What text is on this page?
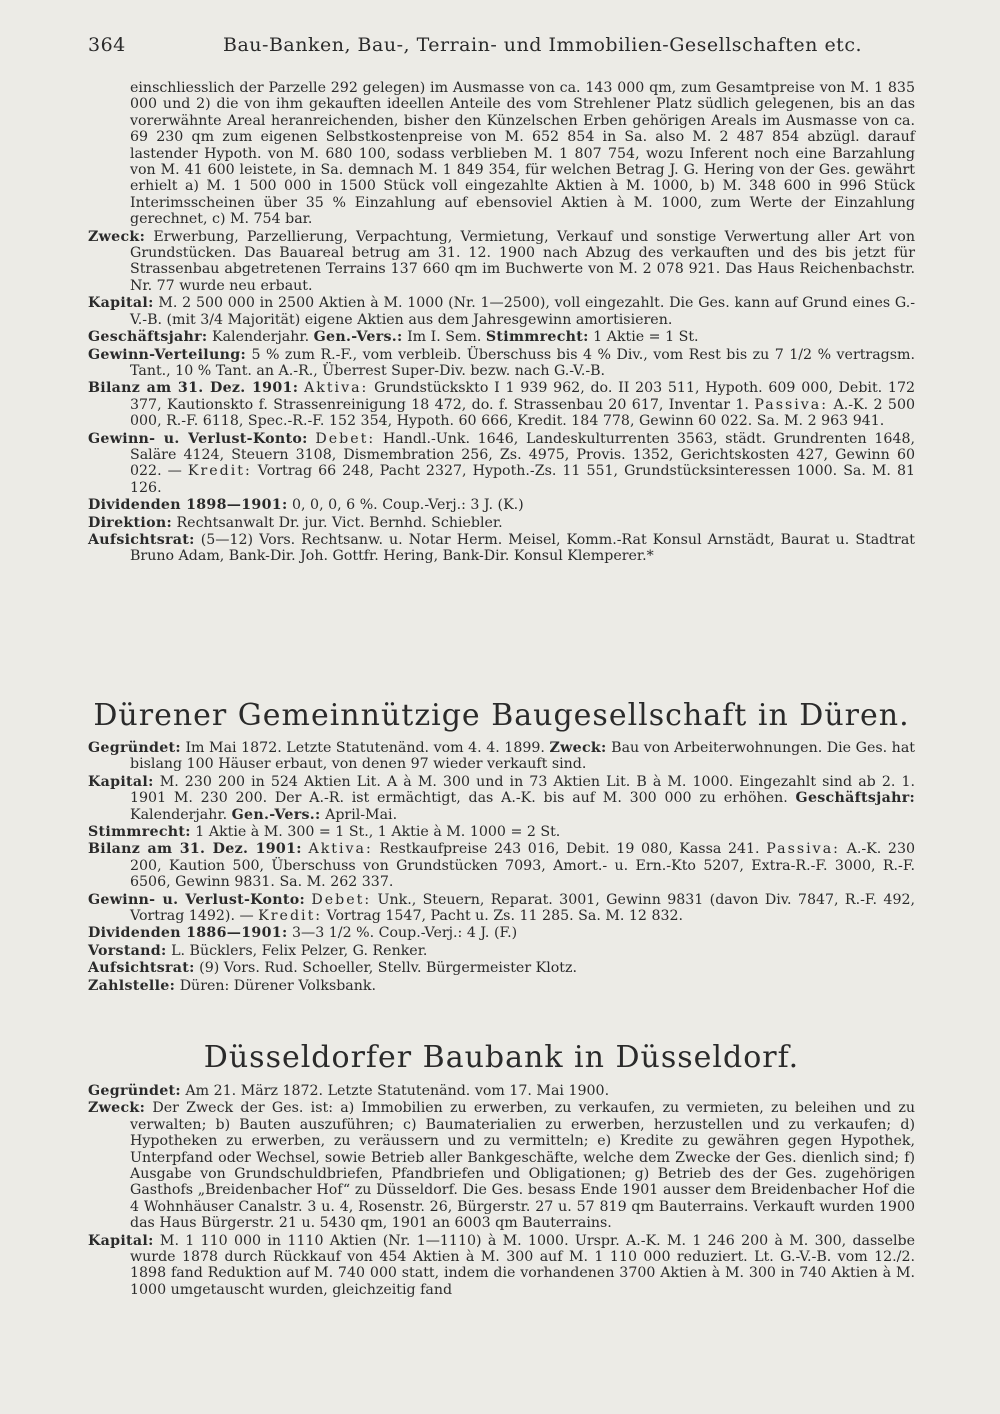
364	Bau-Banken, Bau-, Terrain- und Immobilien-Gesellschaften etc.

einschliesslich der Parzelle 292 gelegen) im Ausmasse von ca. 143 000 qm, zum Gesamtpreise von M. 1 835 000 und 2) die von ihm gekauften ideellen Anteile des vom Strehlener Platz südlich gelegenen, bis an das vorerwähnte Areal heranreichenden, bisher den Künzelschen Erben gehörigen Areals im Ausmasse von ca. 69 230 qm zum eigenen Selbstkostenpreise von M. 652 854 in Sa. also M. 2 487 854 abzügl. darauf lastender Hypoth. von M. 680 100, sodass verblieben M. 1 807 754, wozu Inferent noch eine Barzahlung von M. 41 600 leistete, in Sa. demnach M. 1 849 354, für welchen Betrag J. G. Hering von der Ges. gewährt erhielt a) M. 1 500 000 in 1500 Stück voll eingezahlte Aktien à M. 1000, b) M. 348 600 in 996 Stück Interimsscheinen über 35 % Einzahlung auf ebensoviel Aktien à M. 1000, zum Werte der Einzahlung gerechnet, c) M. 754 bar.

Zweck: Erwerbung, Parzellierung, Verpachtung, Vermietung, Verkauf und sonstige Verwertung aller Art von Grundstücken. Das Bauareal betrug am 31. 12. 1900 nach Abzug des verkauften und des bis jetzt für Strassenbau abgetretenen Terrains 137 660 qm im Buchwerte von M. 2 078 921. Das Haus Reichenbachstr. Nr. 77 wurde neu erbaut.

Kapital: M. 2 500 000 in 2500 Aktien à M. 1000 (Nr. 1—2500), voll eingezahlt. Die Ges. kann auf Grund eines G.-V.-B. (mit 3/4 Majorität) eigene Aktien aus dem Jahresgewinn amortisieren.

Geschäftsjahr: Kalenderjahr. Gen.-Vers.: Im I. Sem. Stimmrecht: 1 Aktie = 1 St.

Gewinn-Verteilung: 5 % zum R.-F., vom verbleib. Überschuss bis 4 % Div., vom Rest bis zu 7 1/2 % vertragsm. Tant., 10 % Tant. an A.-R., Überrest Super-Div. bezw. nach G.-V.-B.

Bilanz am 31. Dez. 1901: Aktiva: Grundstückskto I 1 939 962, do. II 203 511, Hypoth. 609 000, Debit. 172 377, Kautionskto f. Strassenreinigung 18 472, do. f. Strassenbau 20 617, Inventar 1. Passiva: A.-K. 2 500 000, R.-F. 6118, Spec.-R.-F. 152 354, Hypoth. 60 666, Kredit. 184 778, Gewinn 60 022. Sa. M. 2 963 941.

Gewinn- u. Verlust-Konto: Debet: Handl.-Unk. 1646, Landeskulturrenten 3563, städt. Grundrenten 1648, Saläre 4124, Steuern 3108, Dismembration 256, Zs. 4975, Provis. 1352, Gerichtskosten 427, Gewinn 60 022. — Kredit: Vortrag 66 248, Pacht 2327, Hypoth.-Zs. 11 551, Grundstücksinteressen 1000. Sa. M. 81 126.

Dividenden 1898—1901: 0, 0, 0, 6 %. Coup.-Verj.: 3 J. (K.)

Direktion: Rechtsanwalt Dr. jur. Vict. Bernhd. Schiebler.

Aufsichtsrat: (5—12) Vors. Rechtsanw. u. Notar Herm. Meisel, Komm.-Rat Konsul Arnstädt, Baurat u. Stadtrat Bruno Adam, Bank-Dir. Joh. Gottfr. Hering, Bank-Dir. Konsul Klemperer.*

Dürener Gemeinnützige Baugesellschaft in Düren.

Gegründet: Im Mai 1872. Letzte Statutenänd. vom 4. 4. 1899. Zweck: Bau von Arbeiterwohnungen. Die Ges. hat bislang 100 Häuser erbaut, von denen 97 wieder verkauft sind.

Kapital: M. 230 200 in 524 Aktien Lit. A à M. 300 und in 73 Aktien Lit. B à M. 1000. Eingezahlt sind ab 2. 1. 1901 M. 230 200. Der A.-R. ist ermächtigt, das A.-K. bis auf M. 300 000 zu erhöhen. Geschäftsjahr: Kalenderjahr. Gen.-Vers.: April-Mai.

Stimmrecht: 1 Aktie à M. 300 = 1 St., 1 Aktie à M. 1000 = 2 St.

Bilanz am 31. Dez. 1901: Aktiva: Restkaufpreise 243 016, Debit. 19 080, Kassa 241. Passiva: A.-K. 230 200, Kaution 500, Überschuss von Grundstücken 7093, Amort.- u. Ern.-Kto 5207, Extra-R.-F. 3000, R.-F. 6506, Gewinn 9831. Sa. M. 262 337.

Gewinn- u. Verlust-Konto: Debet: Unk., Steuern, Reparat. 3001, Gewinn 9831 (davon Div. 7847, R.-F. 492, Vortrag 1492). — Kredit: Vortrag 1547, Pacht u. Zs. 11 285. Sa. M. 12 832.

Dividenden 1886—1901: 3—3 1/2 %. Coup.-Verj.: 4 J. (F.)

Vorstand: L. Bücklers, Felix Pelzer, G. Renker.

Aufsichtsrat: (9) Vors. Rud. Schoeller, Stellv. Bürgermeister Klotz.

Zahlstelle: Düren: Dürener Volksbank.

Düsseldorfer Baubank in Düsseldorf.

Gegründet: Am 21. März 1872. Letzte Statutenänd. vom 17. Mai 1900.

Zweck: Der Zweck der Ges. ist: a) Immobilien zu erwerben, zu verkaufen, zu vermieten, zu beleihen und zu verwalten; b) Bauten auszuführen; c) Baumaterialien zu erwerben, herzustellen und zu verkaufen; d) Hypotheken zu erwerben, zu veräussern und zu vermitteln; e) Kredite zu gewähren gegen Hypothek, Unterpfand oder Wechsel, sowie Betrieb aller Bankgeschäfte, welche dem Zwecke der Ges. dienlich sind; f) Ausgabe von Grundschuldbriefen, Pfandbriefen und Obligationen; g) Betrieb des der Ges. zugehörigen Gasthofs „Breidenbacher Hof“ zu Düsseldorf. Die Ges. besass Ende 1901 ausser dem Breidenbacher Hof die 4 Wohnhäuser Canalstr. 3 u. 4, Rosenstr. 26, Bürgerstr. 27 u. 57 819 qm Bauterrains. Verkauft wurden 1900 das Haus Bürgerstr. 21 u. 5430 qm, 1901 an 6003 qm Bauterrains.

Kapital: M. 1 110 000 in 1110 Aktien (Nr. 1—1110) à M. 1000. Urspr. A.-K. M. 1 246 200 à M. 300, dasselbe wurde 1878 durch Rückkauf von 454 Aktien à M. 300 auf M. 1 110 000 reduziert. Lt. G.-V.-B. vom 12./2. 1898 fand Reduktion auf M. 740 000 statt, indem die vorhandenen 3700 Aktien à M. 300 in 740 Aktien à M. 1000 umgetauscht wurden, gleichzeitig fand
